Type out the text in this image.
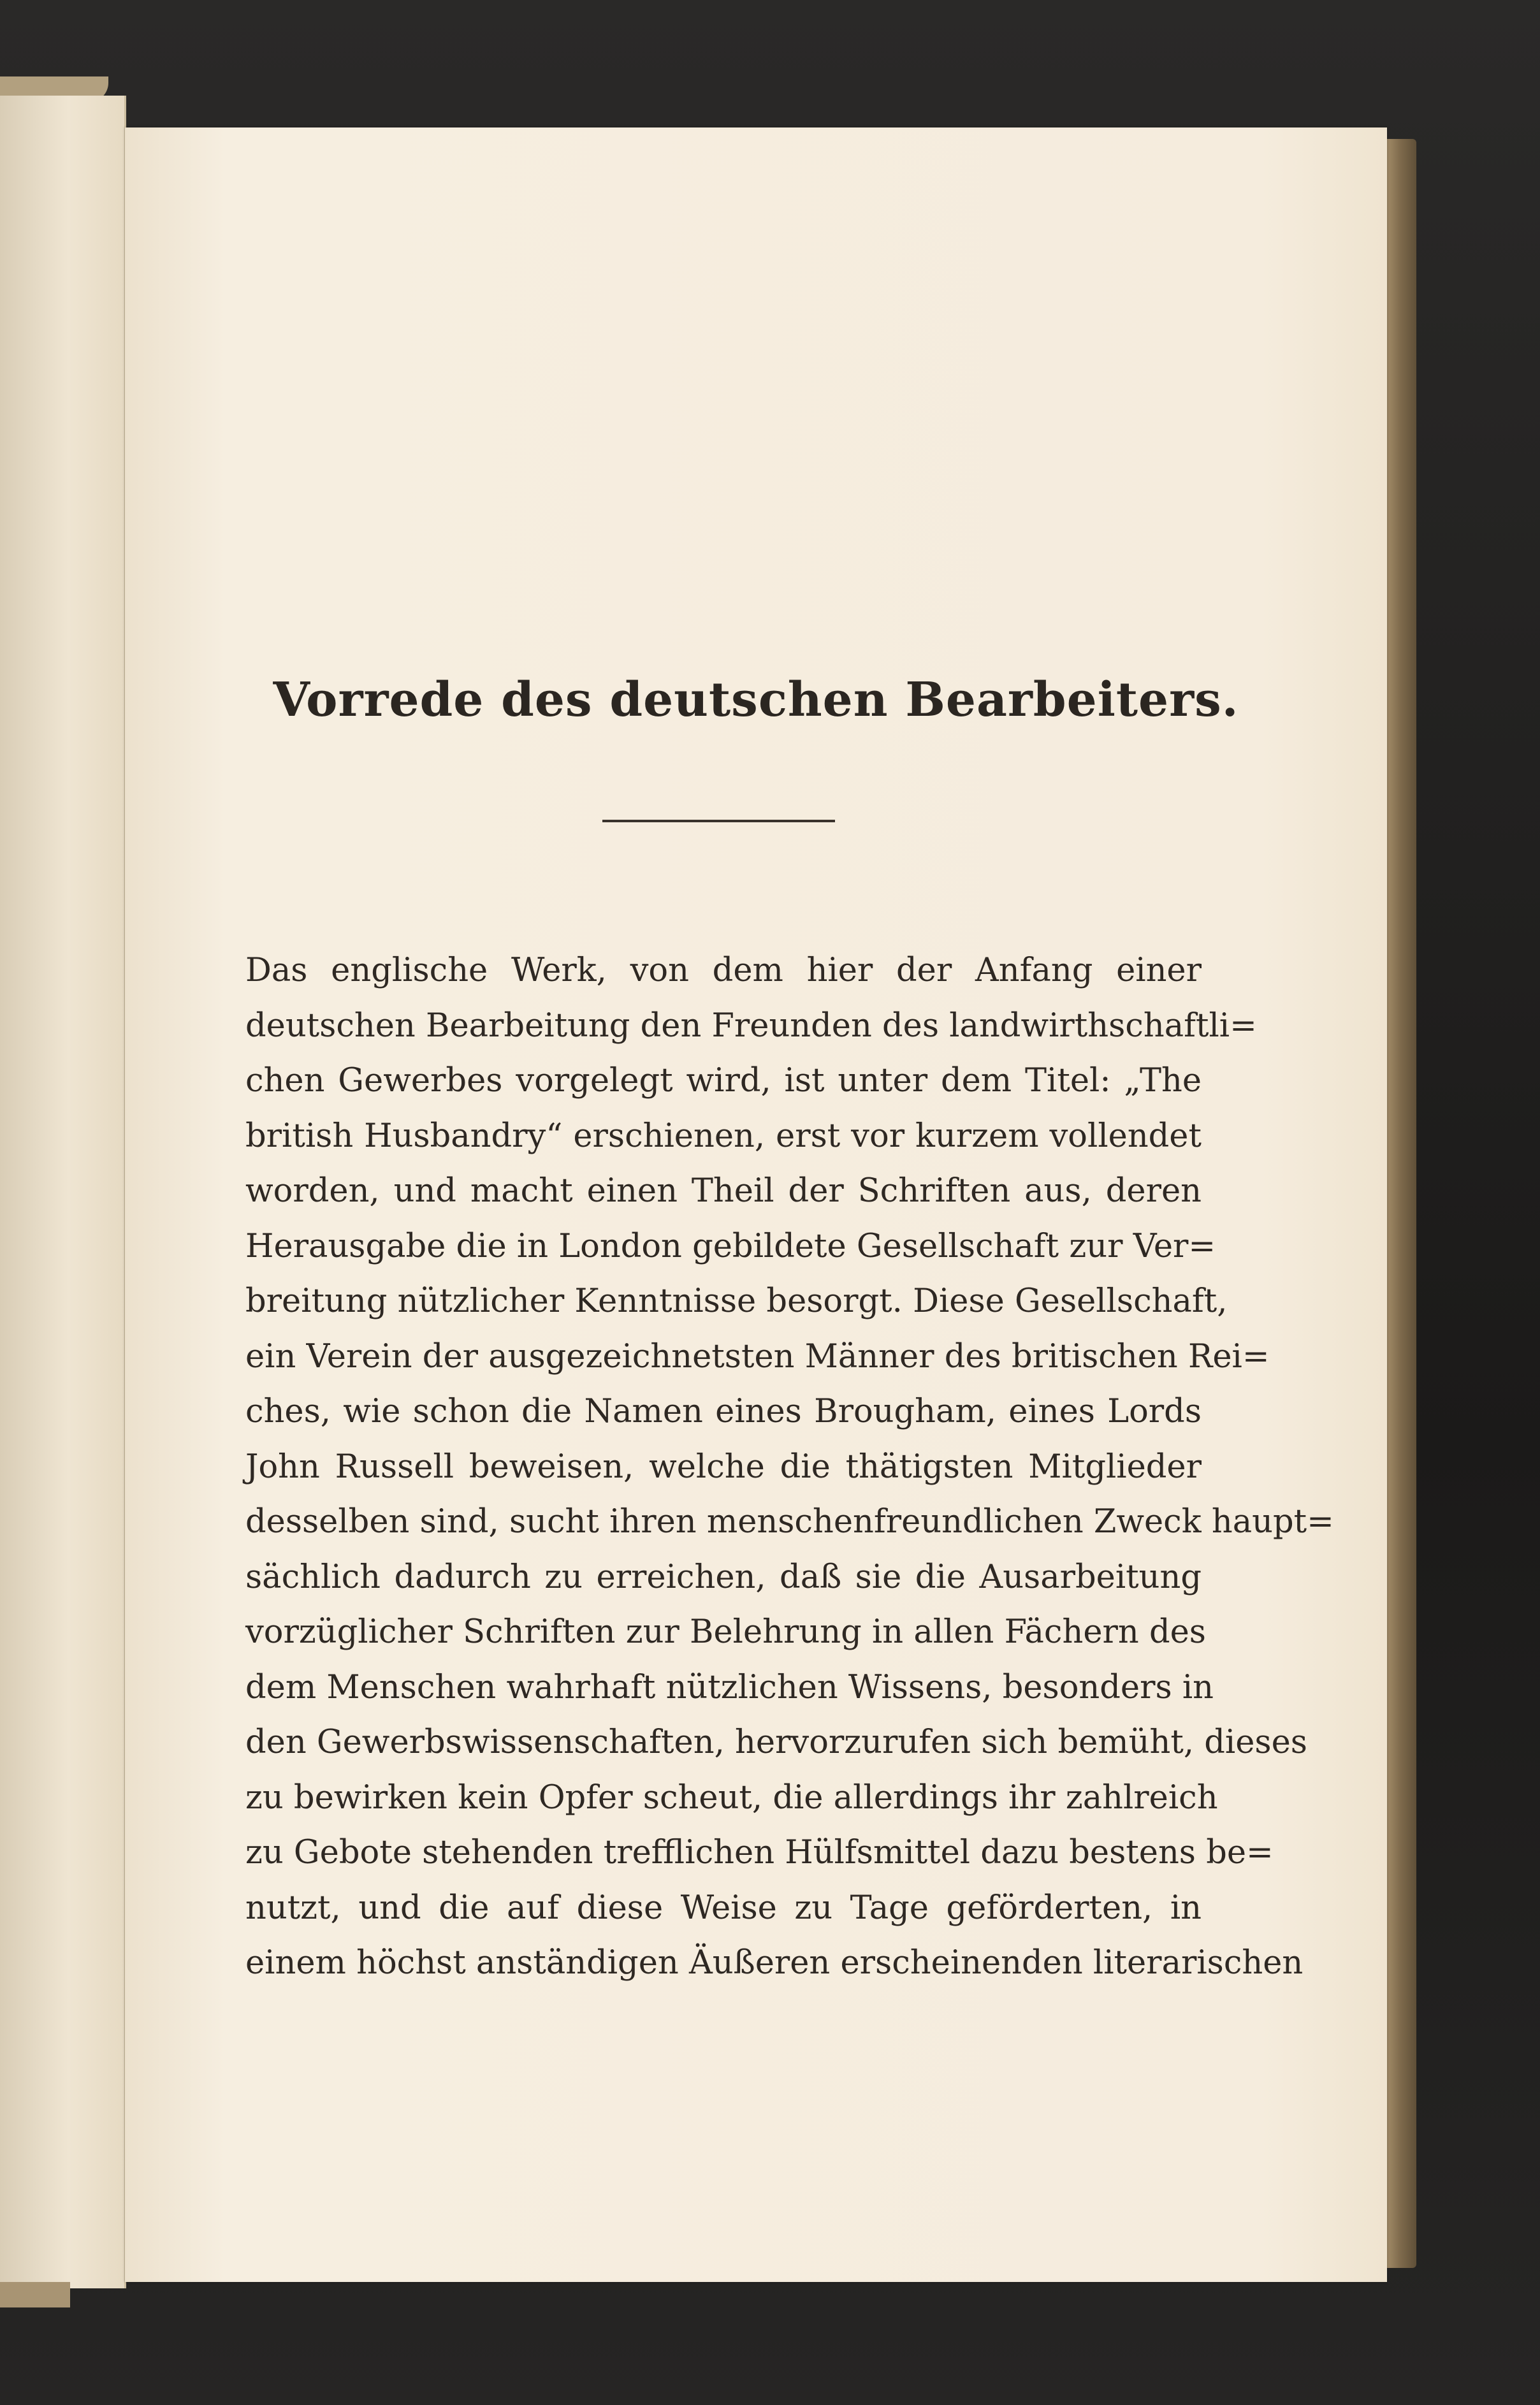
Vorrede des deutschen Bearbeiters.
Das englische Werk, von dem hier der Anfang einer
deutschen Bearbeitung den Freunden des landwirthschaftli=
chen Gewerbes vorgelegt wird, ist unter dem Titel: „The
british Husbandry“ erschienen, erst vor kurzem vollendet
worden, und macht einen Theil der Schriften aus, deren
Herausgabe die in London gebildete Gesellschaft zur Ver=
breitung nützlicher Kenntnisse besorgt. Diese Gesellschaft,
ein Verein der ausgezeichnetsten Männer des britischen Rei=
ches, wie schon die Namen eines Brougham, eines Lords
John Russell beweisen, welche die thätigsten Mitglieder
desselben sind, sucht ihren menschenfreundlichen Zweck haupt=
sächlich dadurch zu erreichen, daß sie die Ausarbeitung
vorzüglicher Schriften zur Belehrung in allen Fächern des
dem Menschen wahrhaft nützlichen Wissens, besonders in
den Gewerbswissenschaften, hervorzurufen sich bemüht, dieses
zu bewirken kein Opfer scheut, die allerdings ihr zahlreich
zu Gebote stehenden trefflichen Hülfsmittel dazu bestens be=
nutzt, und die auf diese Weise zu Tage geförderten, in
einem höchst anständigen Äußeren erscheinenden literarischen
